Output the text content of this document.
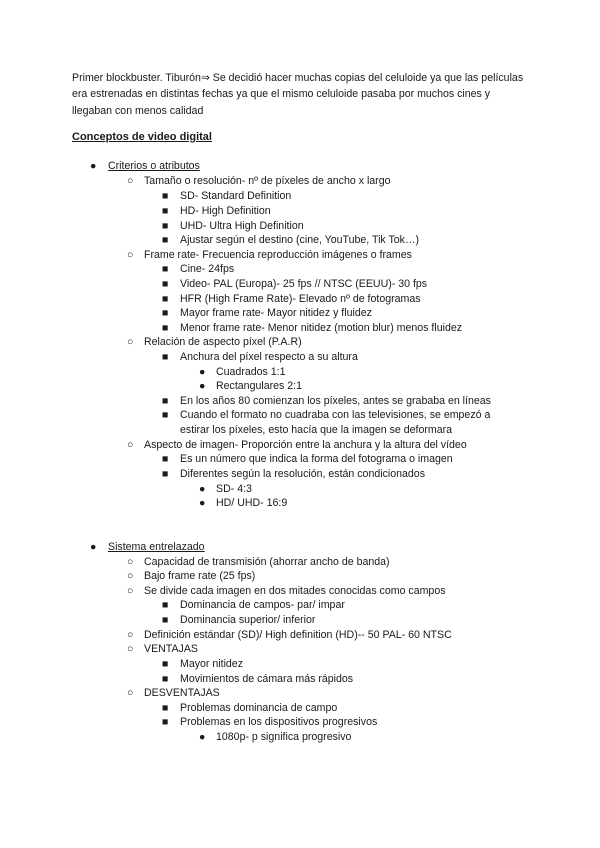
Primer blockbuster. Tiburón⇒ Se decidió hacer muchas copias del celuloide ya que las películas era estrenadas en distintas fechas ya que el mismo celuloide pasaba por muchos cines y llegaban con menos calidad

Conceptos de video digital

● Criterios o atributos
○ Tamaño o resolución- nº de píxeles de ancho x largo
■ SD- Standard Definition
■ HD- High Definition
■ UHD- Ultra High Definition
■ Ajustar según el destino (cine, YouTube, Tik Tok…)
○ Frame rate- Frecuencia reproducción imágenes o frames
■ Cine- 24fps
■ Video- PAL (Europa)- 25 fps // NTSC (EEUU)- 30 fps
■ HFR (High Frame Rate)- Elevado nº de fotogramas
■ Mayor frame rate- Mayor nitidez y fluidez
■ Menor frame rate- Menor nitidez (motion blur) menos fluidez
○ Relación de aspecto píxel (P.A.R)
■ Anchura del píxel respecto a su altura
● Cuadrados 1:1
● Rectangulares 2:1
■ En los años 80 comienzan los píxeles, antes se grababa en líneas
■ Cuando el formato no cuadraba con las televisiones, se empezó a estirar los píxeles, esto hacía que la imagen se deformara
○ Aspecto de imagen- Proporción entre la anchura y la altura del vídeo
■ Es un número que indica la forma del fotograma o imagen
■ Diferentes según la resolución, están condicionados
● SD- 4:3
● HD/ UHD- 16:9
● Sistema entrelazado
○ Capacidad de transmisión (ahorrar ancho de banda)
○ Bajo frame rate (25 fps)
○ Se divide cada imagen en dos mitades conocidas como campos
■ Dominancia de campos- par/ impar
■ Dominancia superior/ inferior
○ Definición estándar (SD)/ High definition (HD)-- 50 PAL- 60 NTSC
○ VENTAJAS
■ Mayor nitidez
■ Movimientos de cámara más rápidos
○ DESVENTAJAS
■ Problemas dominancia de campo
■ Problemas en los dispositivos progresivos
● 1080p- p significa progresivo
